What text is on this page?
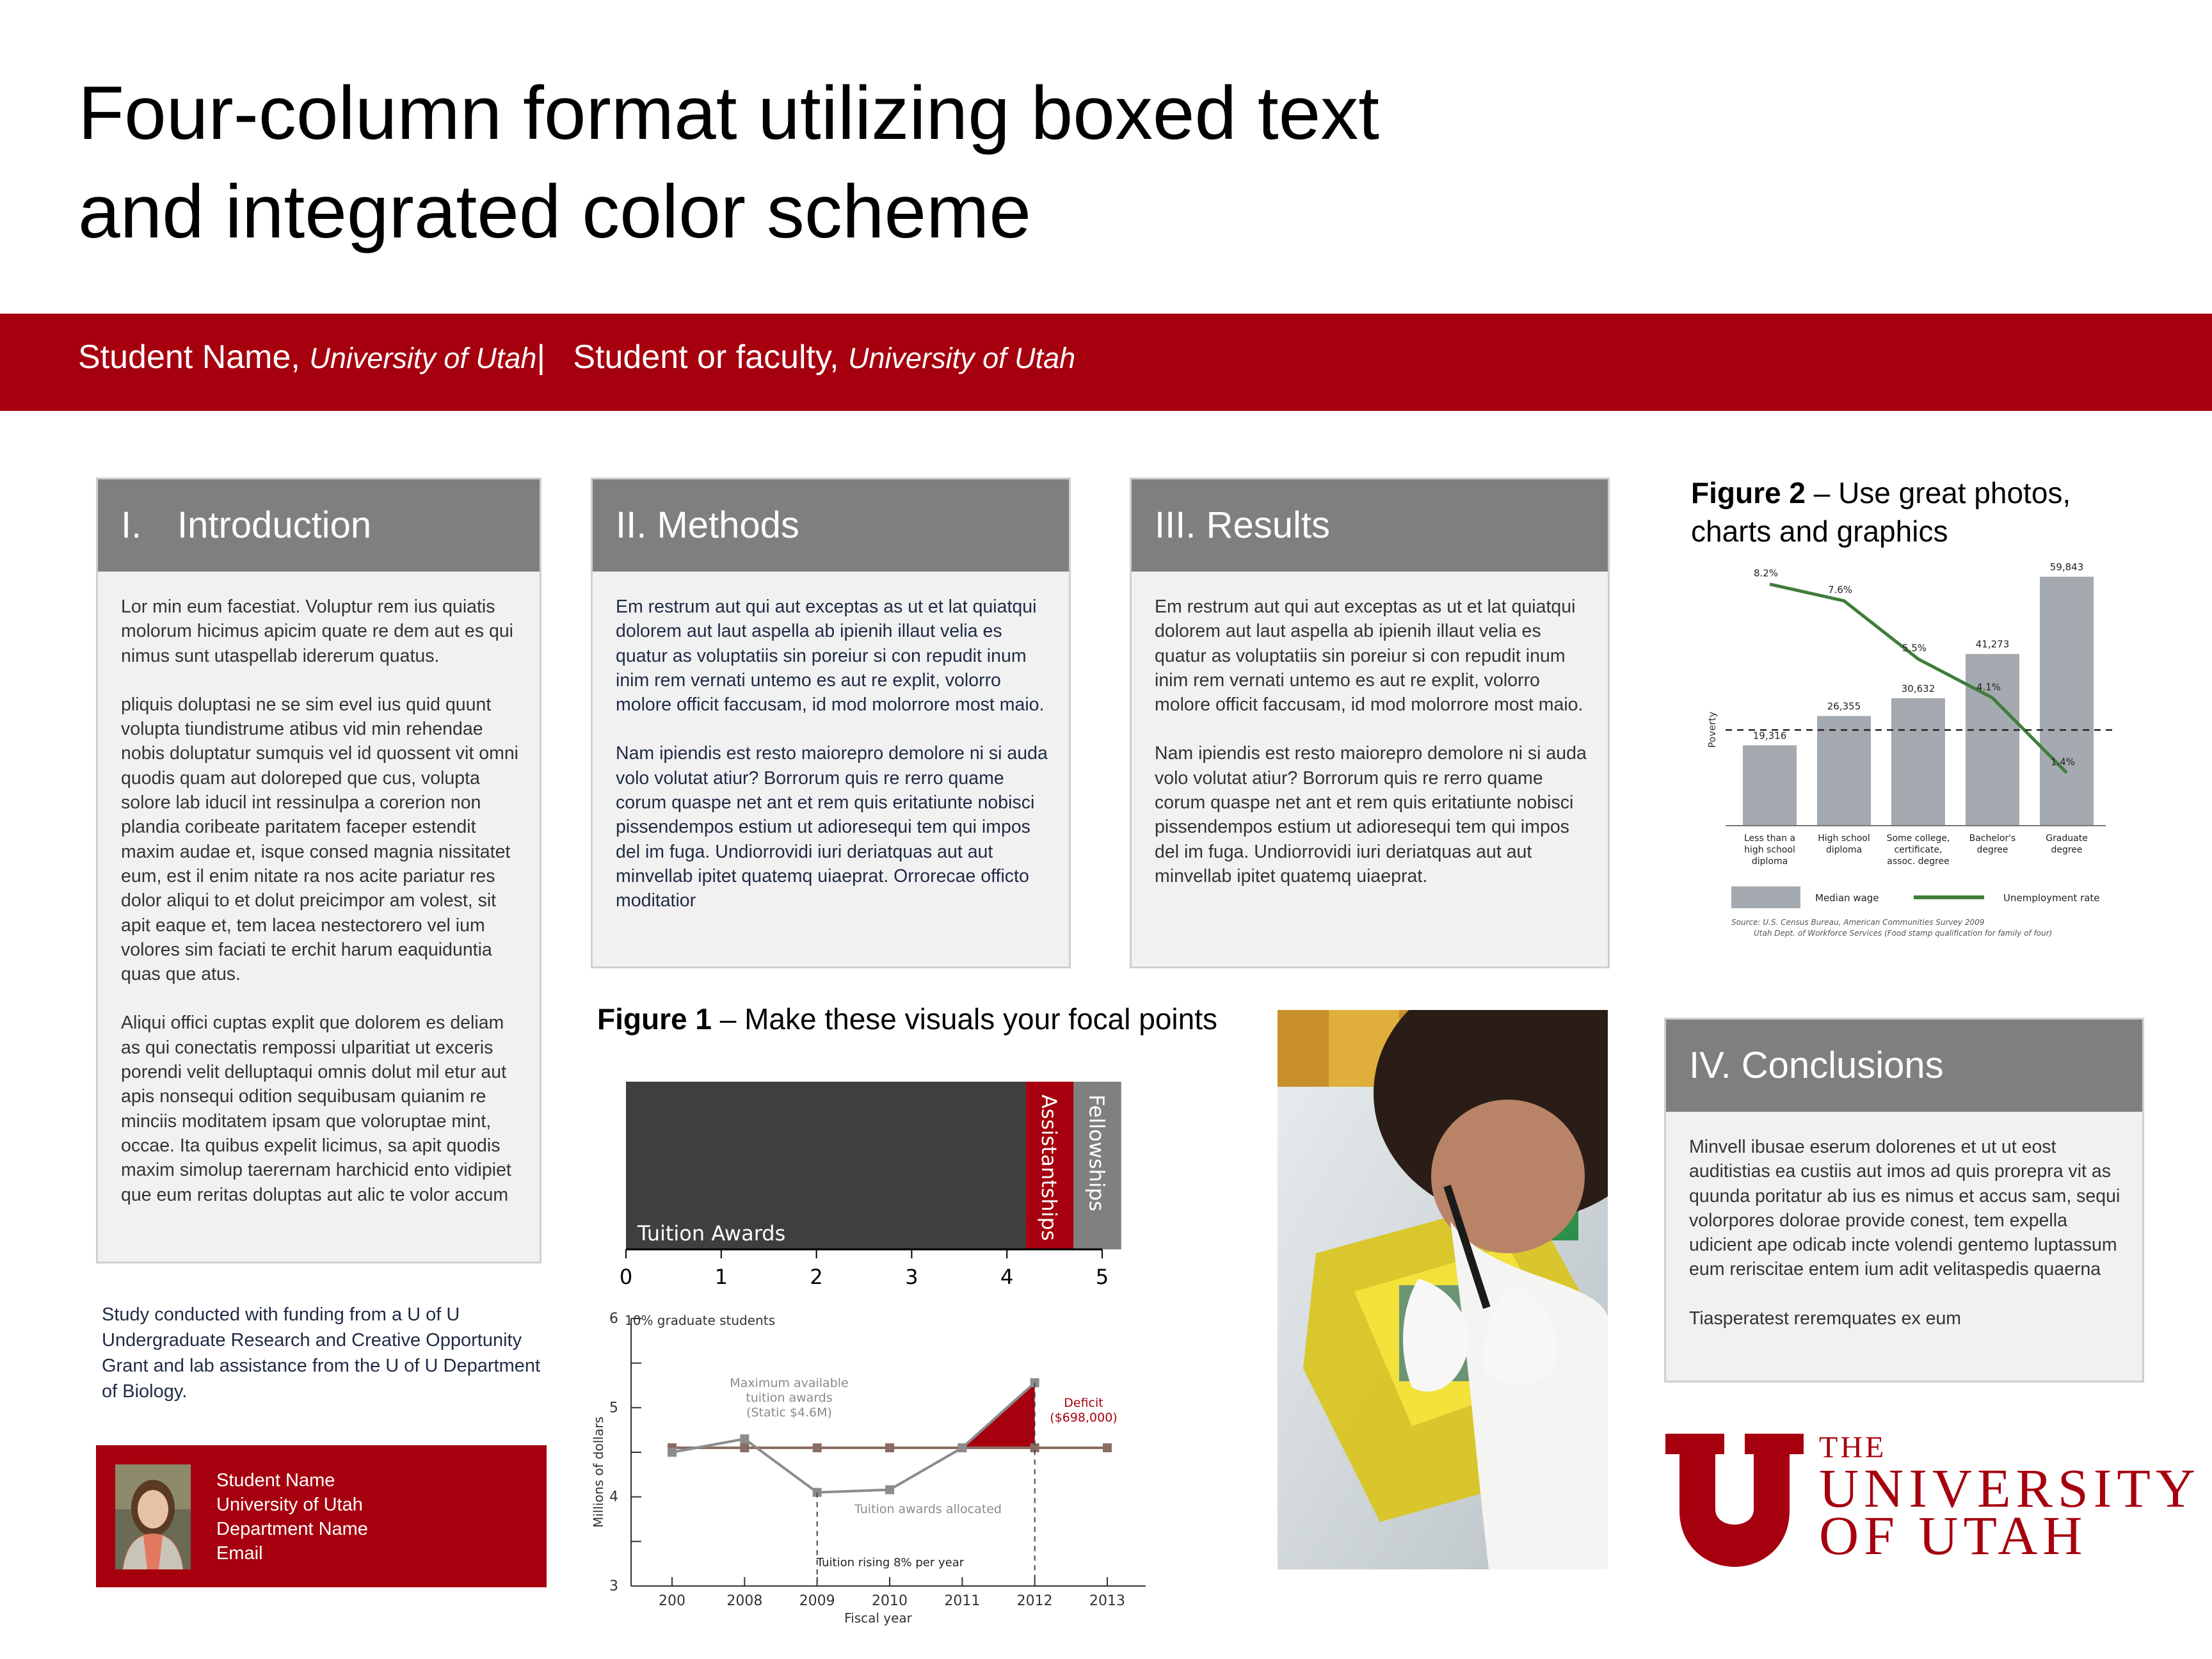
Four-column format utilizing boxed text
and integrated color scheme
Student Name, University of Utah| Student or faculty, University of Utah
I. Introduction

Lor min eum facestiat. Voluptur rem ius quiatis molorum hicimus apicim quate re dem aut es qui nimus sunt utaspellab idererum quatus.

pliquis doluptasi ne se sim evel ius quid quunt volupta tiundistrume atibus vid min rehendae nobis doluptatur sumquis vel id quossent vit omni quodis quam aut doloreped que cus, volupta solore lab iducil int ressinulpa a corerion non plandia coribeate paritatem faceper estendit maxim audae et, isque consed magnia nissitatet eum, est il enim nitate ra nos acite pariatur res dolor aliqui to et dolut preicimpor am volest, sit apit eaque et, tem lacea nestectorero vel ium volores sim faciati te erchit harum eaquiduntia quas que atus.

Aliqui offici cuptas explit que dolorem es deliam as qui conectatis rempossi ulparitiat ut exceris porendi velit delluptaqui omnis dolut mil etur aut apis nonsequi odition sequibusam quianim re minciis moditatem ipsam que voloruptae mint, occae. Ita quibus expelit licimus, sa apit quodis maxim simolup taerernam harchicid ento vidipiet que eum reritas doluptas aut alic te volor accum

II. Methods

Em restrum aut qui aut exceptas as ut et lat quiatqui dolorem aut laut aspella ab ipienih illaut velia es quatur as voluptatiis sin poreiur si con repudit inum inim rem vernati untemo es aut re explit, volorro molore officit faccusam, id mod molorrore most maio.

Nam ipiendis est resto maiorepro demolore ni si auda volo volutat atiur? Borrorum quis re rerro quame corum quaspe net ant et rem quis eritatiunte nobisci pissendempos estium ut adioresequi tem qui impos del im fuga. Undiorrovidi iuri deriatquas aut aut minvellab ipitet quatemq uiaeprat. Orrorecae officto moditatior

III. Results

Em restrum aut qui aut exceptas as ut et lat quiatqui dolorem aut laut aspella ab ipienih illaut velia es quatur as voluptatiis sin poreiur si con repudit inum inim rem vernati untemo es aut re explit, volorro molore officit faccusam, id mod molorrore most maio.

Nam ipiendis est resto maiorepro demolore ni si auda volo volutat atiur? Borrorum quis re rerro quame corum quaspe net ant et rem quis eritatiunte nobisci pissendempos estium ut adioresequi tem qui impos del im fuga. Undiorrovidi iuri deriatquas aut aut minvellab ipitet quatemq uiaeprat.

Figure 2 – Use great photos, charts and graphics
19,316
Less than a
high school
diploma
26,355
High school
diploma
30,632
Some college,
certificate,
assoc. degree
41,273
Bachelor's
degree
59,843
Graduate
degree
8.2%
7.6%
5.5%
4.1%
1.4%
Poverty
Median wage	Unemployment rate
Source: U.S. Census Bureau, American Communities Survey 2009
Utah Dept. of Workforce Services (Food stamp qualification for family of four)
Figure 1 – Make these visuals your focal points
Tuition Awards	Assistantships Fellowships
0	1	2	3	4	5
3
4
5
6
200	2008	2009	2010	2011	2012	2013
10% graduate students
Maximum available
tuition awards
(Static $4.6M)
Tuition awards allocated
Deficit
($698,000)
Tuition rising 8% per year
Fiscal year
Millions of dollars
IV. Conclusions

Minvell ibusae eserum dolorenes et ut ut eost auditistias ea custiis aut imos ad quis prorepra vit as quunda poritatur ab ius es nimus et accus sam, sequi volorpores dolorae provide conest, tem expella udicient ape odicab incte volendi gentemo luptassum eum reriscitae entem ium adit velitaspedis quaerna

Tiasperatest reremquates ex eum

Study conducted with funding from a U of U Undergraduate Research and Creative Opportunity Grant and lab assistance from the U of U Department of Biology.
Student Name
University of Utah
Department Name
Email
THE
UNIVERSITY
OF UTAH
